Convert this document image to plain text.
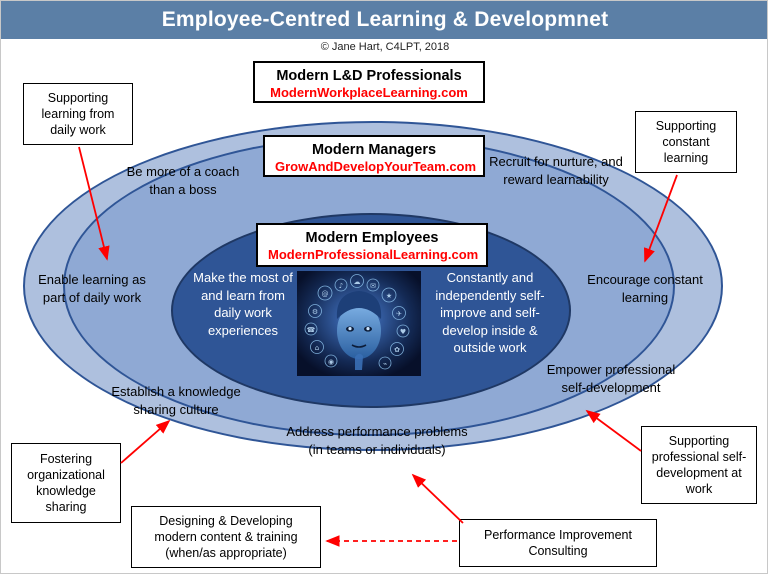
Employee-Centred Learning & Developmnet
© Jane Hart, C4LPT, 2018
@
♪ ☁ ✉
★
⚙	✈
☎	♥
⌂	✿
◉	⌁
Modern L&D Professionals
ModernWorkplaceLearning.com
Modern Managers
GrowAndDevelopYourTeam.com
Modern Employees
ModernProfessionalLearning.com
Make the most of and learn from daily work experiences
Constantly and independently self-improve and self-develop inside & outside work
Be more of a coach than a boss
Recruit for nurture, and reward learnability
Empower professional self-development
Address performance problems (in teams or individuals)
Enable learning as part of daily work
Encourage constant learning
Establish a knowledge sharing culture
Supporting learning from daily work	Supporting constant learning
Fostering organizational knowledge sharing
Supporting professional self-development at work
Designing & Developing modern content & training (when/as appropriate)
Performance Improvement Consulting
